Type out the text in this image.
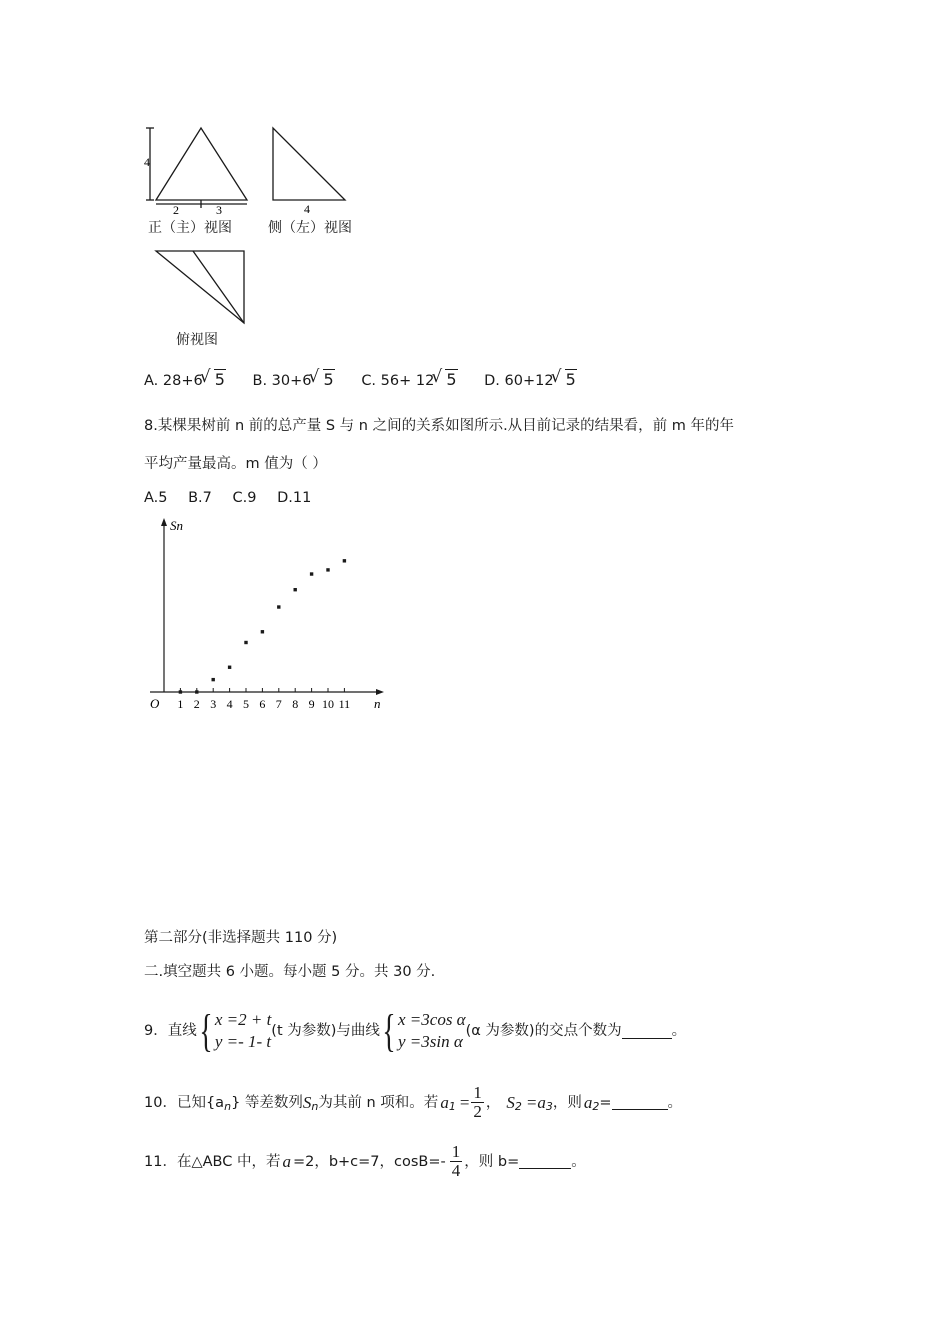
4
2	3	4
正（主）视图	侧（左）视图
俯视图
A. 28+6 √ 5 B. 30+6 √ 5 C. 56+ 12 √ 5 D. 60+12 √ 5
8.某棵果树前 n 前的总产量 S 与 n 之间的关系如图所示.从目前记录的结果看，前 m 年的年
平均产量最高。m 值为（ ）
A.5 B.7 C.9 D.11
1 2 3 4 5 6 7 8 9 10 11
Sn
n
O
第二部分(非选择题共 110 分)
二.填空题共 6 小题。每小题 5 分。共 30 分.
9． 直线 { x =2 + t
y =- 1- t
(t 为参数)与曲线 { x =3cos α
y =3sin α
(α 为参数)的交点个数为	。
10． 已知{a n } 等差数列 S n 为其前 n 项和。若 a $1 = \frac{1}{2}$ ， S 2 =a 3 ，则 a 2 =	。
11． 在△ABC 中，若 a =2，b+c=7，$\cos B=- \frac{1}{4}$ ，则 b=	。
